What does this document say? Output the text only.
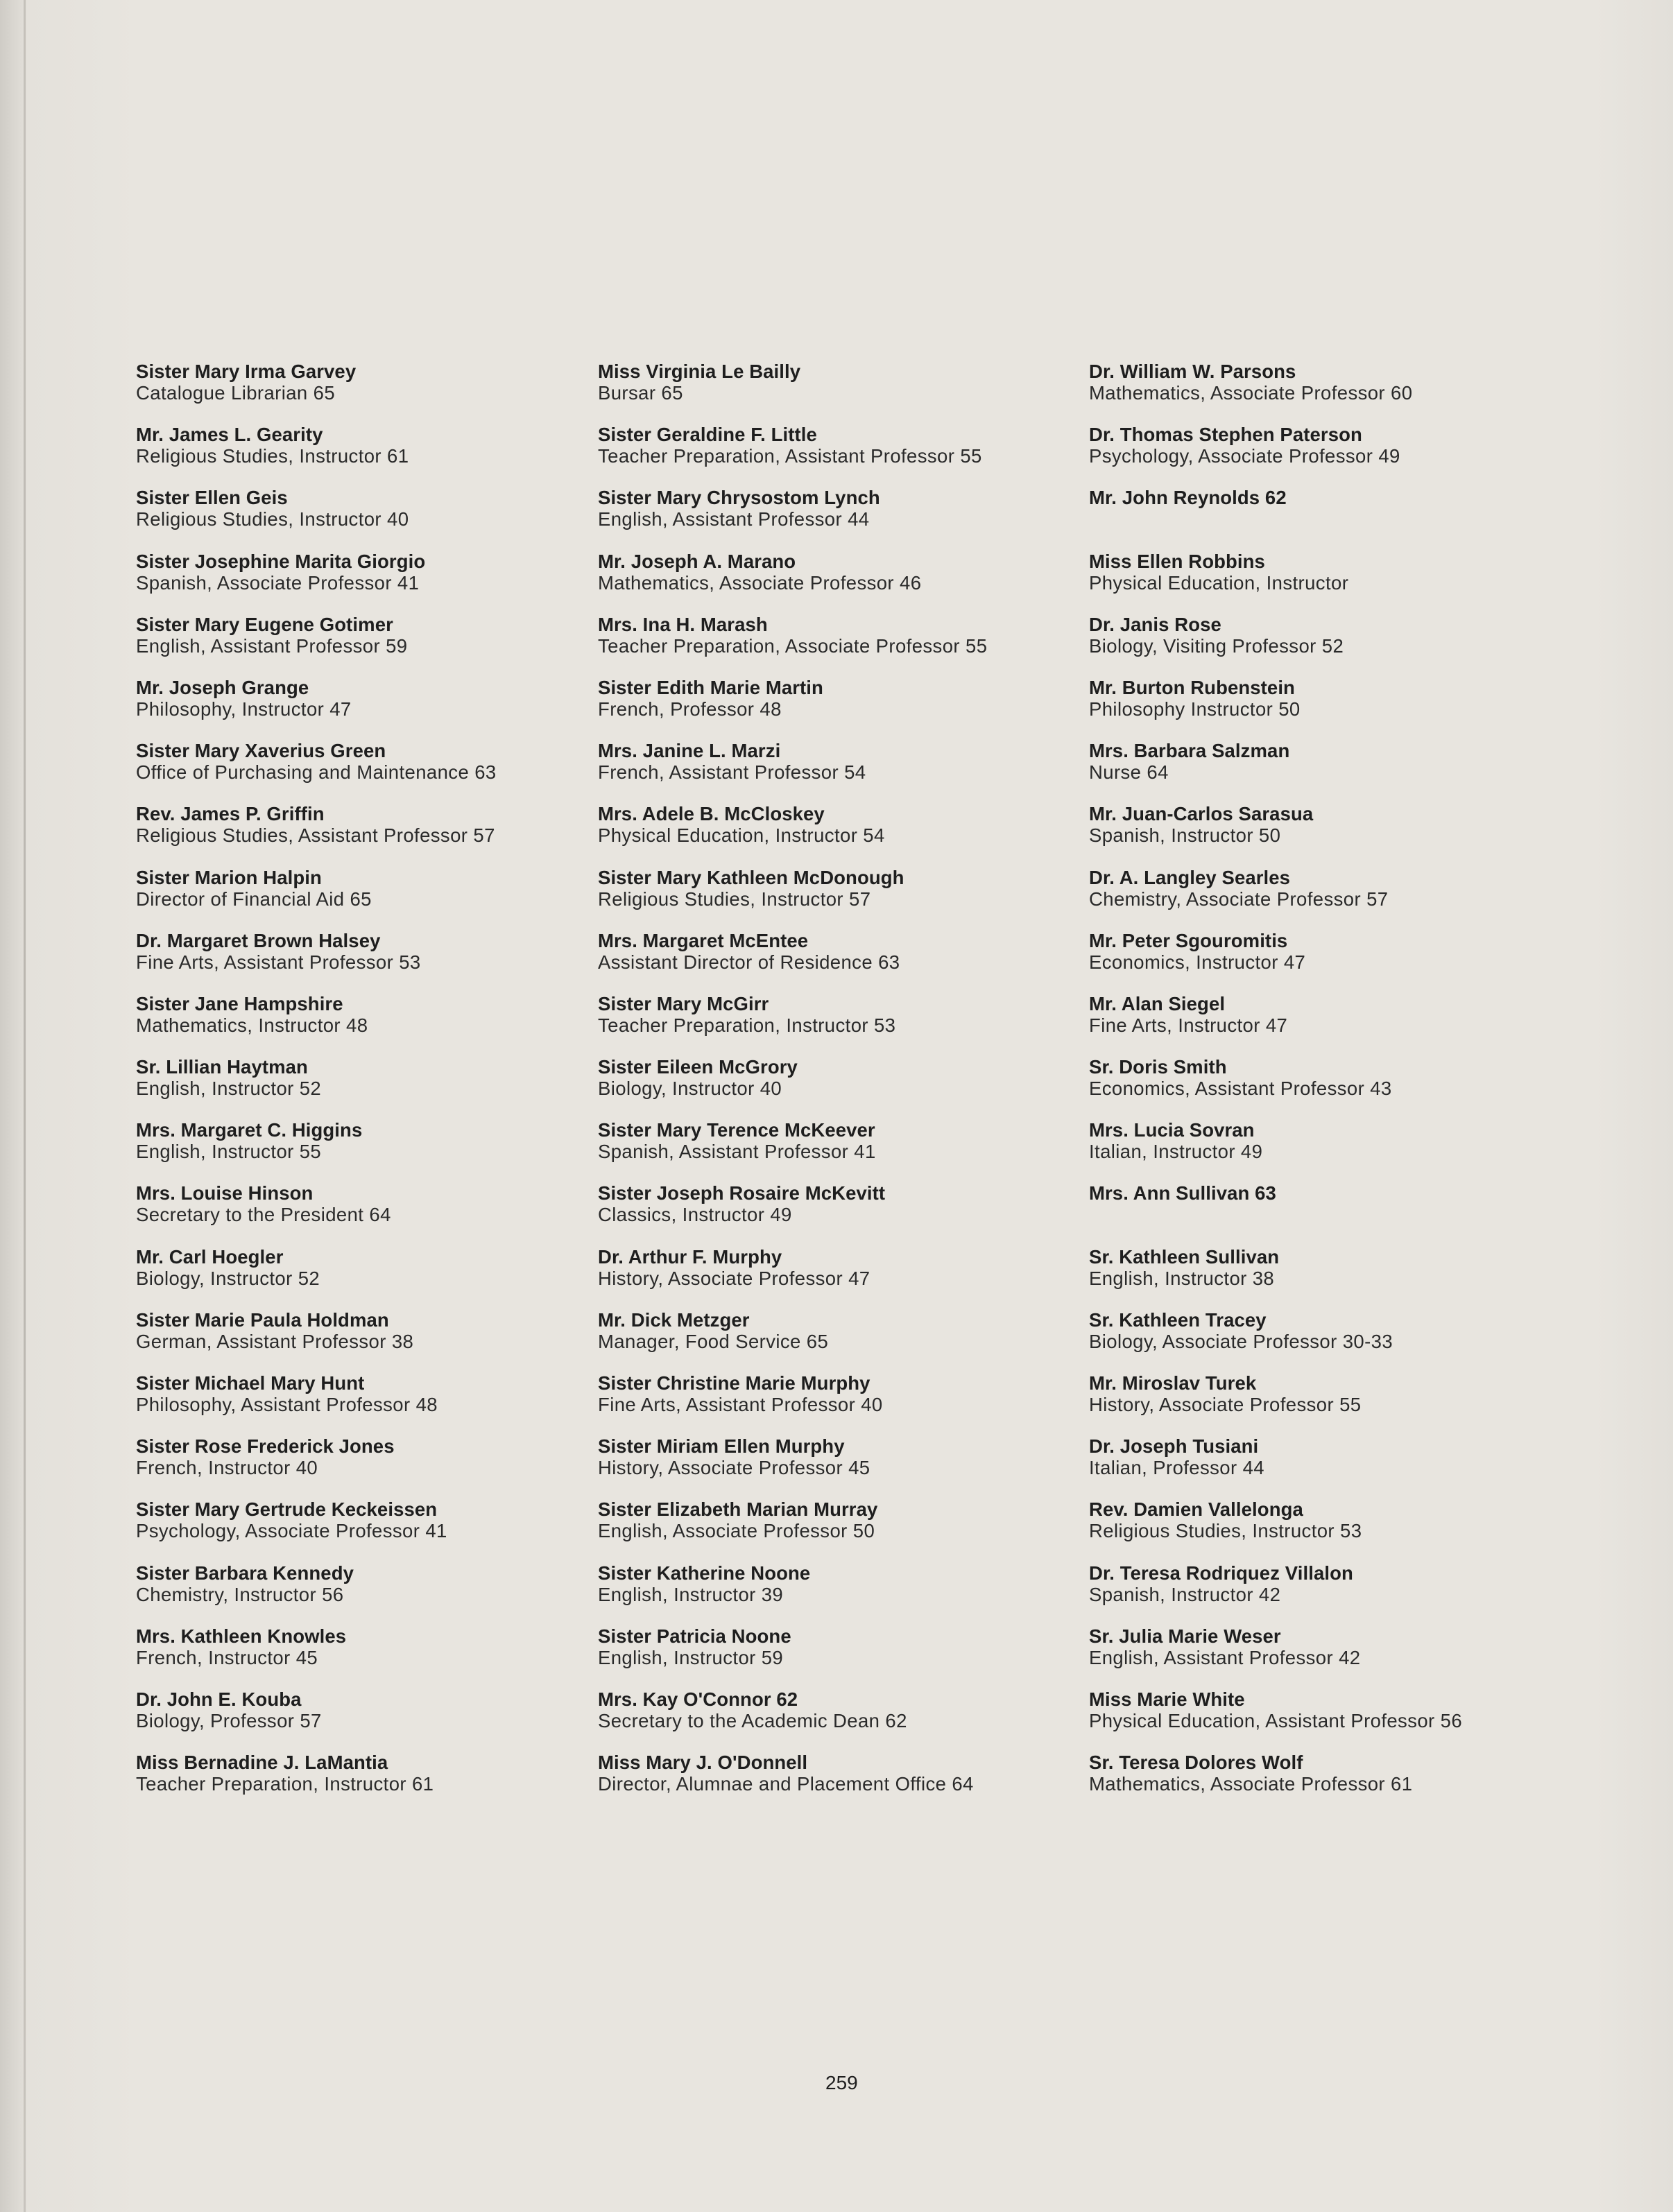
Sister Mary Irma Garvey
Catalogue Librarian 65
Mr. James L. Gearity
Religious Studies, Instructor 61
Sister Ellen Geis
Religious Studies, Instructor 40
Sister Josephine Marita Giorgio
Spanish, Associate Professor 41
Sister Mary Eugene Gotimer
English, Assistant Professor 59
Mr. Joseph Grange
Philosophy, Instructor 47
Sister Mary Xaverius Green
Office of Purchasing and Maintenance 63
Rev. James P. Griffin
Religious Studies, Assistant Professor 57
Sister Marion Halpin
Director of Financial Aid 65
Dr. Margaret Brown Halsey
Fine Arts, Assistant Professor 53
Sister Jane Hampshire
Mathematics, Instructor 48
Sr. Lillian Haytman
English, Instructor 52
Mrs. Margaret C. Higgins
English, Instructor 55
Mrs. Louise Hinson
Secretary to the President 64
Mr. Carl Hoegler
Biology, Instructor 52
Sister Marie Paula Holdman
German, Assistant Professor 38
Sister Michael Mary Hunt
Philosophy, Assistant Professor 48
Sister Rose Frederick Jones
French, Instructor 40
Sister Mary Gertrude Keckeissen
Psychology, Associate Professor 41
Sister Barbara Kennedy
Chemistry, Instructor 56
Mrs. Kathleen Knowles
French, Instructor 45
Dr. John E. Kouba
Biology, Professor 57
Miss Bernadine J. LaMantia
Teacher Preparation, Instructor 61
Miss Virginia Le Bailly
Bursar 65
Sister Geraldine F. Little
Teacher Preparation, Assistant Professor 55
Sister Mary Chrysostom Lynch
English, Assistant Professor 44
Mr. Joseph A. Marano
Mathematics, Associate Professor 46
Mrs. Ina H. Marash
Teacher Preparation, Associate Professor 55
Sister Edith Marie Martin
French, Professor 48
Mrs. Janine L. Marzi
French, Assistant Professor 54
Mrs. Adele B. McCloskey
Physical Education, Instructor 54
Sister Mary Kathleen McDonough
Religious Studies, Instructor 57
Mrs. Margaret McEntee
Assistant Director of Residence 63
Sister Mary McGirr
Teacher Preparation, Instructor 53
Sister Eileen McGrory
Biology, Instructor 40
Sister Mary Terence McKeever
Spanish, Assistant Professor 41
Sister Joseph Rosaire McKevitt
Classics, Instructor 49
Dr. Arthur F. Murphy
History, Associate Professor 47
Mr. Dick Metzger
Manager, Food Service 65
Sister Christine Marie Murphy
Fine Arts, Assistant Professor 40
Sister Miriam Ellen Murphy
History, Associate Professor 45
Sister Elizabeth Marian Murray
English, Associate Professor 50
Sister Katherine Noone
English, Instructor 39
Sister Patricia Noone
English, Instructor 59
Mrs. Kay O'Connor 62
Secretary to the Academic Dean 62
Miss Mary J. O'Donnell
Director, Alumnae and Placement Office 64
Dr. William W. Parsons
Mathematics, Associate Professor 60
Dr. Thomas Stephen Paterson
Psychology, Associate Professor 49
Mr. John Reynolds 62
Miss Ellen Robbins
Physical Education, Instructor
Dr. Janis Rose
Biology, Visiting Professor 52
Mr. Burton Rubenstein
Philosophy Instructor 50
Mrs. Barbara Salzman
Nurse 64
Mr. Juan-Carlos Sarasua
Spanish, Instructor 50
Dr. A. Langley Searles
Chemistry, Associate Professor 57
Mr. Peter Sgouromitis
Economics, Instructor 47
Mr. Alan Siegel
Fine Arts, Instructor 47
Sr. Doris Smith
Economics, Assistant Professor 43
Mrs. Lucia Sovran
Italian, Instructor 49
Mrs. Ann Sullivan 63
Sr. Kathleen Sullivan
English, Instructor 38
Sr. Kathleen Tracey
Biology, Associate Professor 30-33
Mr. Miroslav Turek
History, Associate Professor 55
Dr. Joseph Tusiani
Italian, Professor 44
Rev. Damien Vallelonga
Religious Studies, Instructor 53
Dr. Teresa Rodriquez Villalon
Spanish, Instructor 42
Sr. Julia Marie Weser
English, Assistant Professor 42
Miss Marie White
Physical Education, Assistant Professor 56
Sr. Teresa Dolores Wolf
Mathematics, Associate Professor 61
259
